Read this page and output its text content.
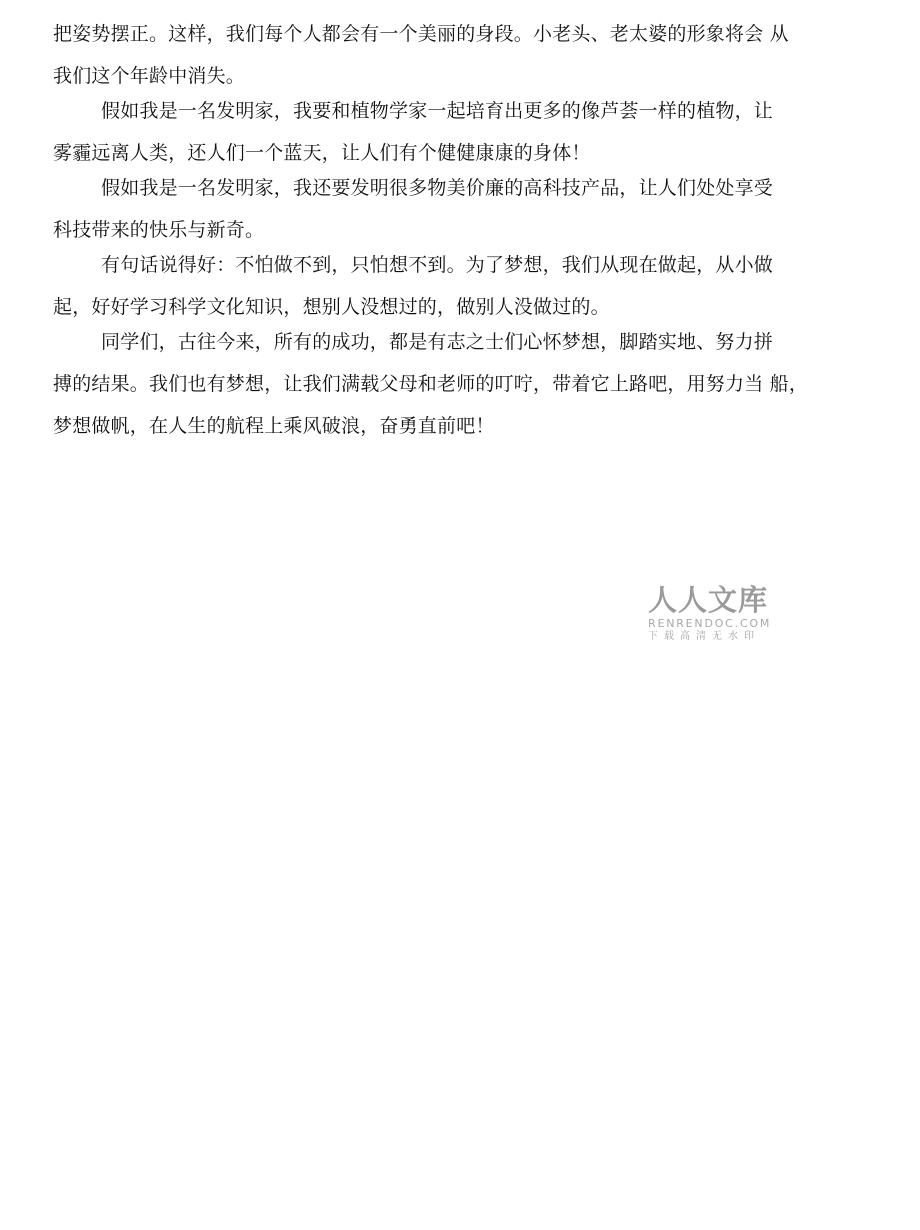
把姿势摆正。这样，我们每个人都会有一个美丽的身段。小老头、老太婆的形象将会 从
我们这个年龄中消失。
假如我是一名发明家，我要和植物学家一起培育出更多的像芦荟一样的植物，让
雾霾远离人类，还人们一个蓝天，让人们有个健健康康的身体！
假如我是一名发明家，我还要发明很多物美价廉的高科技产品，让人们处处享受
科技带来的快乐与新奇。
有句话说得好：不怕做不到，只怕想不到。为了梦想，我们从现在做起，从小做
起，好好学习科学文化知识，想别人没想过的，做别人没做过的。
同学们，古往今来，所有的成功，都是有志之士们心怀梦想，脚踏实地、努力拼
搏的结果。我们也有梦想，让我们满载父母和老师的叮咛，带着它上路吧，用努力当 船，
梦想做帆，在人生的航程上乘风破浪，奋勇直前吧！
人人文库
RENRENDOC.COM
下载高清无水印
